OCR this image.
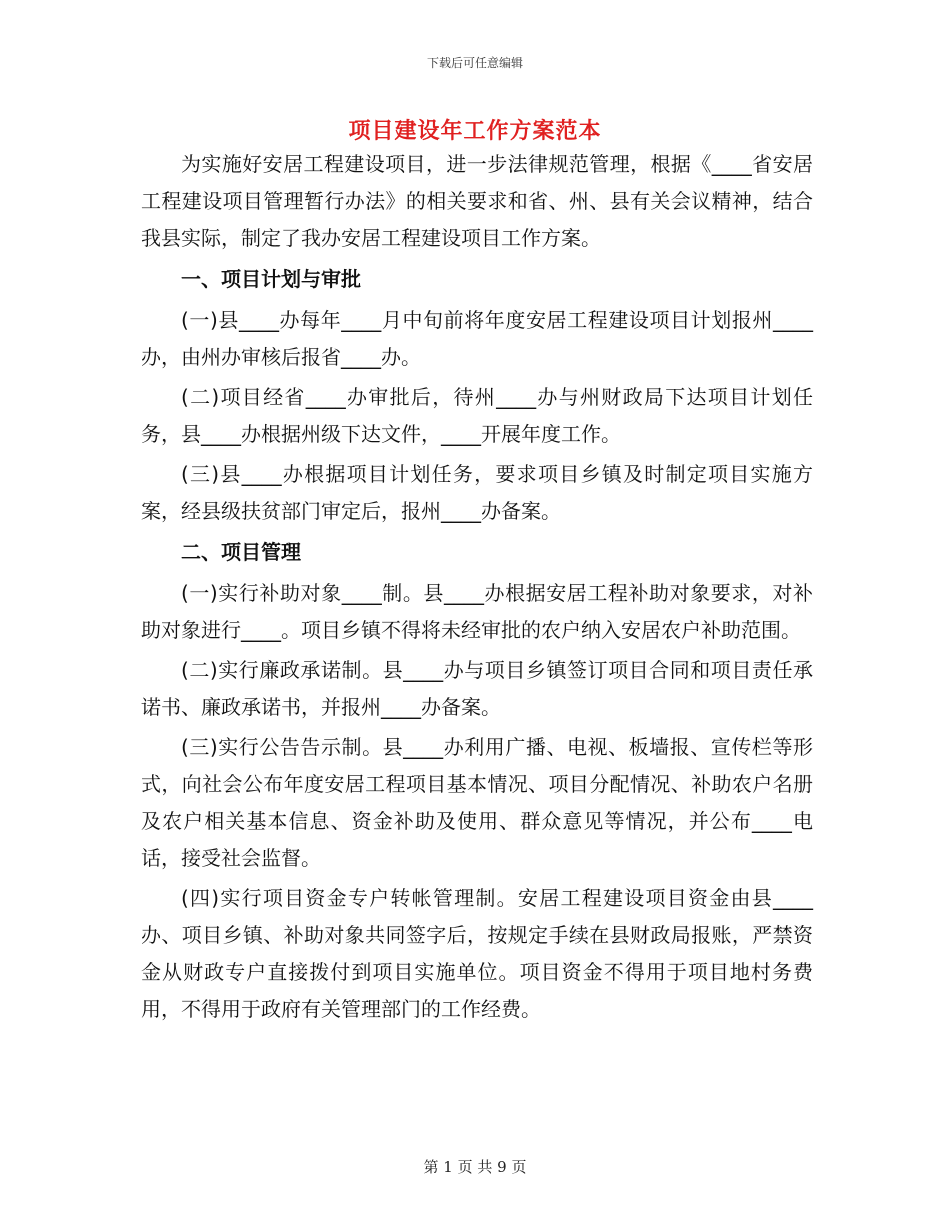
下载后可任意编辑
项目建设年工作方案范本

为实施好安居工程建设项目，进一步法律规范管理，根据《____省安居工程建设项目管理暂行办法》的相关要求和省、州、县有关会议精神，结合我县实际，制定了我办安居工程建设项目工作方案。

一、项目计划与审批

(一)县____办每年____月中旬前将年度安居工程建设项目计划报州____办，由州办审核后报省____办。

(二)项目经省____办审批后，待州____办与州财政局下达项目计划任务，县____办根据州级下达文件，____开展年度工作。

(三)县____办根据项目计划任务，要求项目乡镇及时制定项目实施方案，经县级扶贫部门审定后，报州____办备案。

二、项目管理

(一)实行补助对象____制。县____办根据安居工程补助对象要求，对补助对象进行____。项目乡镇不得将未经审批的农户纳入安居农户补助范围。

(二)实行廉政承诺制。县____办与项目乡镇签订项目合同和项目责任承诺书、廉政承诺书，并报州____办备案。

(三)实行公告告示制。县____办利用广播、电视、板墙报、宣传栏等形式，向社会公布年度安居工程项目基本情况、项目分配情况、补助农户名册及农户相关基本信息、资金补助及使用、群众意见等情况，并公布____电话，接受社会监督。

(四)实行项目资金专户转帐管理制。安居工程建设项目资金由县____办、项目乡镇、补助对象共同签字后，按规定手续在县财政局报账，严禁资金从财政专户直接拨付到项目实施单位。项目资金不得用于项目地村务费用，不得用于政府有关管理部门的工作经费。

第 1 页 共 9 页
